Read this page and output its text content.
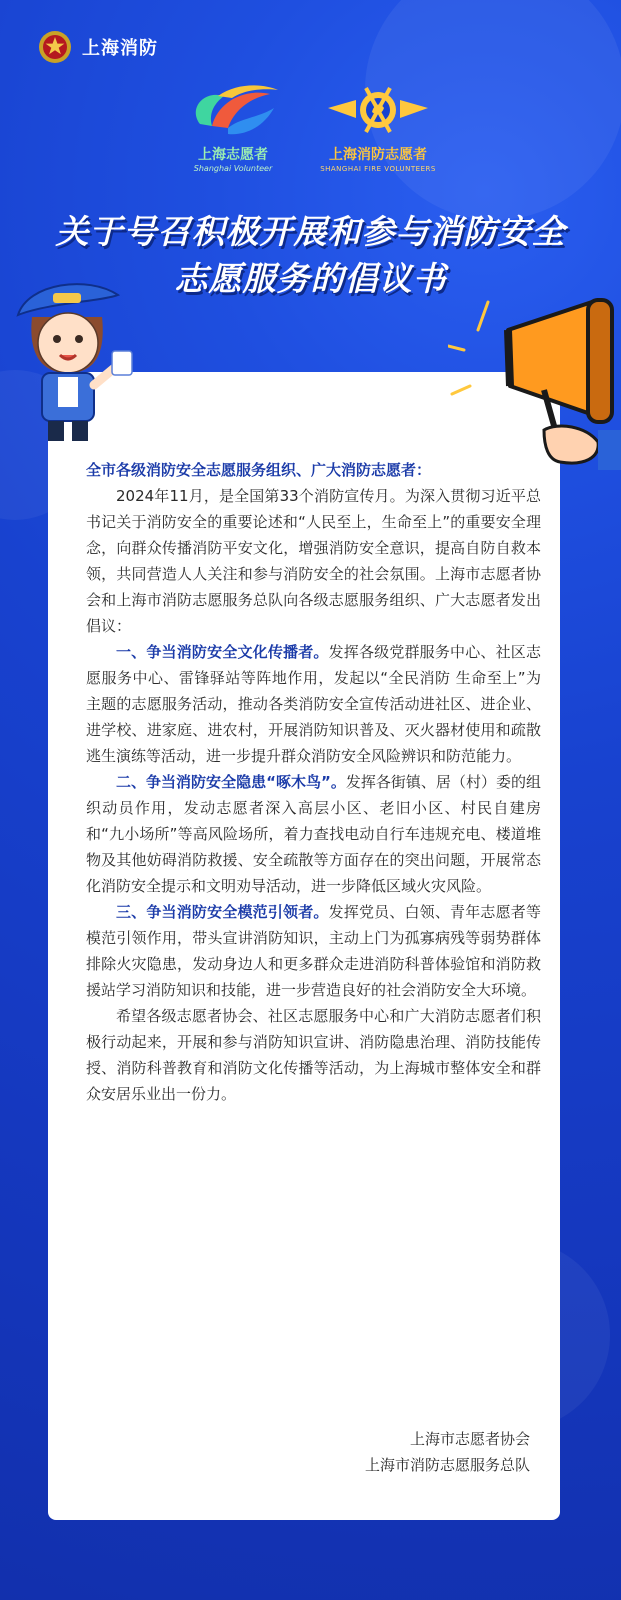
上海消防
上海志愿者
Shanghai Volunteer
上海消防志愿者
SHANGHAI FIRE VOLUNTEERS
关于号召积极开展和参与消防安全
志愿服务的倡议书

全市各级消防安全志愿服务组织、广大消防志愿者：

2024年11月，是全国第33个消防宣传月。为深入贯彻习近平总书记关于消防安全的重要论述和“人民至上，生命至上”的重要安全理念，向群众传播消防平安文化，增强消防安全意识，提高自防自救本领，共同营造人人关注和参与消防安全的社会氛围。上海市志愿者协会和上海市消防志愿服务总队向各级志愿服务组织、广大志愿者发出倡议：

一、争当消防安全文化传播者。发挥各级党群服务中心、社区志愿服务中心、雷锋驿站等阵地作用，发起以“全民消防 生命至上”为主题的志愿服务活动，推动各类消防安全宣传活动进社区、进企业、进学校、进家庭、进农村，开展消防知识普及、灭火器材使用和疏散逃生演练等活动，进一步提升群众消防安全风险辨识和防范能力。

二、争当消防安全隐患“啄木鸟”。发挥各街镇、居（村）委的组织动员作用，发动志愿者深入高层小区、老旧小区、村民自建房和“九小场所”等高风险场所，着力查找电动自行车违规充电、楼道堆物及其他妨碍消防救援、安全疏散等方面存在的突出问题，开展常态化消防安全提示和文明劝导活动，进一步降低区域火灾风险。

三、争当消防安全模范引领者。发挥党员、白领、青年志愿者等模范引领作用，带头宣讲消防知识，主动上门为孤寡病残等弱势群体排除火灾隐患，发动身边人和更多群众走进消防科普体验馆和消防救援站学习消防知识和技能，进一步营造良好的社会消防安全大环境。

希望各级志愿者协会、社区志愿服务中心和广大消防志愿者们积极行动起来，开展和参与消防知识宣讲、消防隐患治理、消防技能传授、消防科普教育和消防文化传播等活动，为上海城市整体安全和群众安居乐业出一份力。

上海市志愿者协会
上海市消防志愿服务总队
